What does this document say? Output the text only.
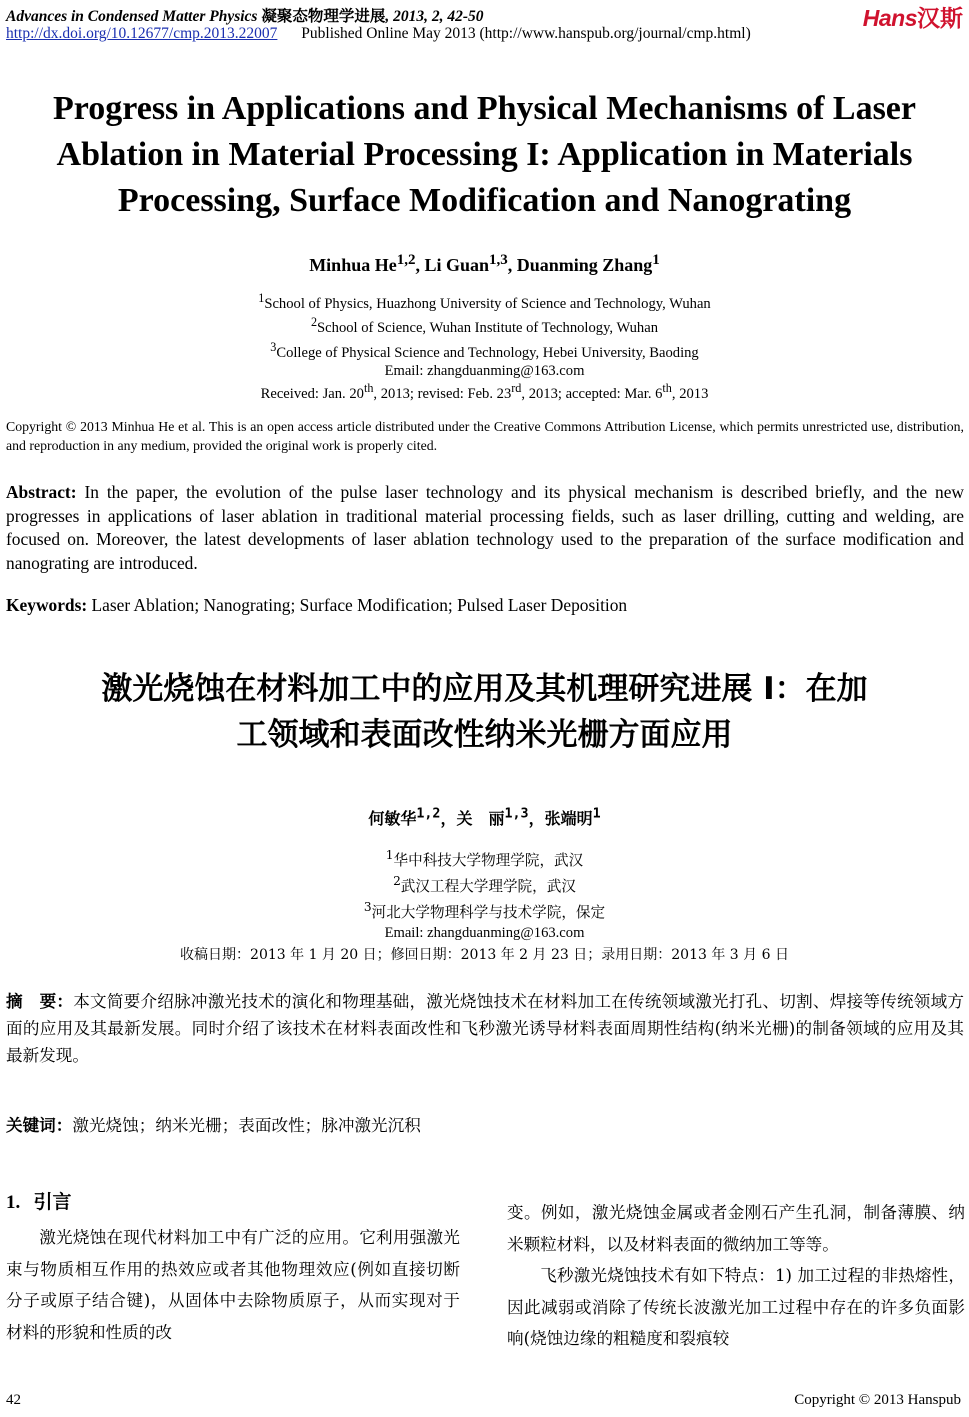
Advances in Condensed Matter Physics 凝聚态物理学进展, 2013, 2, 42-50
http://dx.doi.org/10.12677/cmp.2013.22007 Published Online May 2013 (http://www.hanspub.org/journal/cmp.html)
Hans汉斯
Progress in Applications and Physical Mechanisms of Laser
Ablation in Material Processing I: Application in Materials
Processing, Surface Modification and Nanograting
Minhua He$^{1,2}$, Li Guan$^{1,3}$, Duanming Zhang$^1$
$^1$School of Physics, Huazhong University of Science and Technology, Wuhan
$^2$School of Science, Wuhan Institute of Technology, Wuhan
$^3$College of Physical Science and Technology, Hebei University, Baoding
Email: zhangduanming@163.com
Received: Jan. 20th, 2013; revised: Feb. 23rd, 2013; accepted: Mar. 6th, 2013
Copyright © 2013 Minhua He et al. This is an open access article distributed under the Creative Commons Attribution License, which permits unrestricted use, distribution, and reproduction in any medium, provided the original work is properly cited.
Abstract: In the paper, the evolution of the pulse laser technology and its physical mechanism is described briefly, and the new progresses in applications of laser ablation in traditional material processing fields, such as laser drilling, cutting and welding, are focused on. Moreover, the latest developments of laser ablation technology used to the preparation of the surface modification and nanograting are introduced.
Keywords: Laser Ablation; Nanograting; Surface Modification; Pulsed Laser Deposition
激光烧蚀在材料加工中的应用及其机理研究进展 I：在加
工领域和表面改性纳米光栅方面应用
何敏华$^{1,2}$，关　丽$^{1,3}$，张端明$^1$
$^1$华中科技大学物理学院，武汉
$^2$武汉工程大学理学院，武汉
$^3$河北大学物理科学与技术学院，保定
Email: zhangduanming@163.com
收稿日期：2013 年 1 月 20 日；修回日期：2013 年 2 月 23 日；录用日期：2013 年 3 月 6 日
摘　要：本文简要介绍脉冲激光技术的演化和物理基础，激光烧蚀技术在材料加工在传统领域激光打孔、切割、焊接等传统领域方面的应用及其最新发展。同时介绍了该技术在材料表面改性和飞秒激光诱导材料表面周期性结构(纳米光栅)的制备领域的应用及其最新发现。
关键词：激光烧蚀；纳米光栅；表面改性；脉冲激光沉积
1. 引言

激光烧蚀在现代材料加工中有广泛的应用。它利用强激光束与物质相互作用的热效应或者其他物理效应(例如直接切断分子或原子结合键)，从固体中去除物质原子，从而实现对于材料的形貌和性质的改

变。例如，激光烧蚀金属或者金刚石产生孔洞，制备薄膜、纳米颗粒材料，以及材料表面的微纳加工等等。

飞秒激光烧蚀技术有如下特点：1) 加工过程的非热熔性，因此减弱或消除了传统长波激光加工过程中存在的许多负面影响(烧蚀边缘的粗糙度和裂痕较

42	Copyright © 2013 Hanspub
